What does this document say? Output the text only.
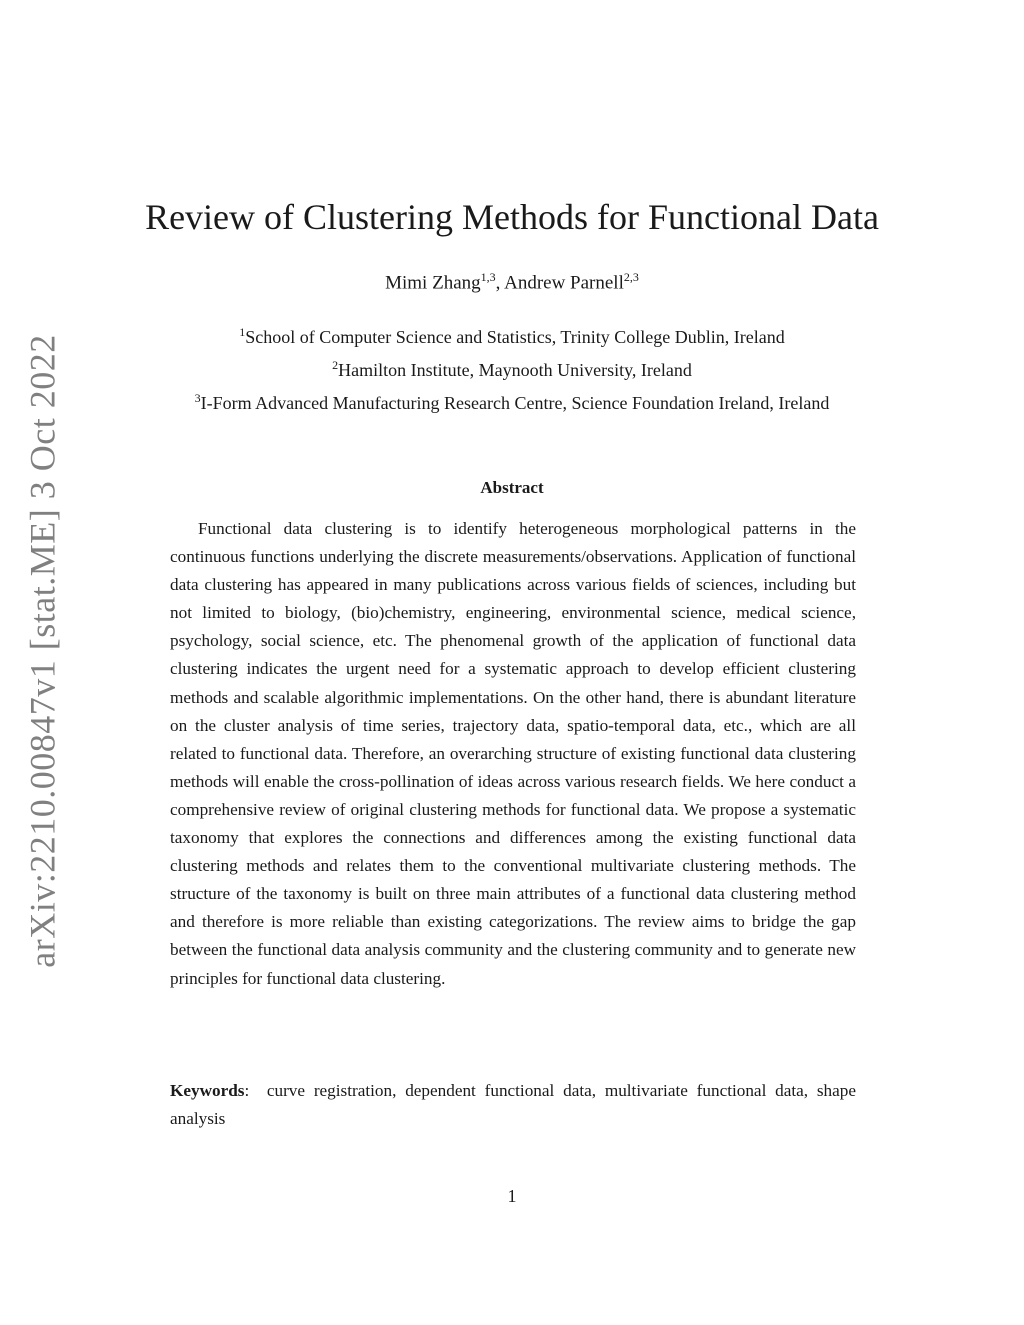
arXiv:2210.00847v1 [stat.ME] 3 Oct 2022
Review of Clustering Methods for Functional Data
Mimi Zhang$^{1,3}$, Andrew Parnell$^{2,3}$
$^1$School of Computer Science and Statistics, Trinity College Dublin, Ireland
$^2$Hamilton Institute, Maynooth University, Ireland
$^3$I-Form Advanced Manufacturing Research Centre, Science Foundation Ireland, Ireland
Abstract

Functional data clustering is to identify heterogeneous morphological patterns in the continuous functions underlying the discrete measurements/observations. Application of functional data clustering has appeared in many publications across various fields of sciences, including but not limited to biology, (bio)chemistry, engineering, environmental science, medical science, psychology, social science, etc. The phenomenal growth of the application of functional data clustering indicates the urgent need for a systematic approach to develop efficient clustering methods and scalable algorithmic implementations. On the other hand, there is abundant literature on the cluster analysis of time series, trajectory data, spatio-temporal data, etc., which are all related to functional data. Therefore, an overarching structure of existing functional data clustering methods will enable the cross-pollination of ideas across various research fields. We here conduct a comprehensive review of original clustering methods for functional data. We propose a systematic taxonomy that explores the connections and differences among the existing functional data clustering methods and relates them to the conventional multivariate clustering methods. The structure of the taxonomy is built on three main attributes of a functional data clustering method and therefore is more reliable than existing categorizations. The review aims to bridge the gap between the functional data analysis community and the clustering community and to generate new principles for functional data clustering.

Keywords: curve registration, dependent functional data, multivariate functional data, shape analysis

1
